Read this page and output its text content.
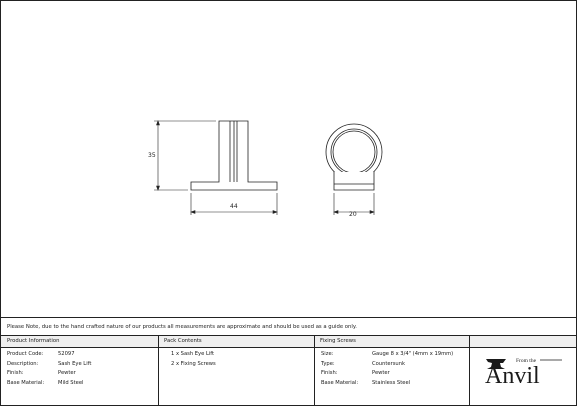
35
44
20
Please Note, due to the hand crafted nature of our products all measurements are approximate and should be used as a guide only.
Product Information	Pack Contents	Fixing Screws
Product Code:	52097
Description:	Sash Eye Lift
Finish:	Pewter
Base Material:	Mild Steel
1 x Sash Eye Lift
2 x Fixing Screws
Size:	Gauge 8 x 3/4" (4mm x 19mm)
Type:	Countersunk
Finish:	Pewter
Base Material:	Stainless Steel
From the
Anvil
